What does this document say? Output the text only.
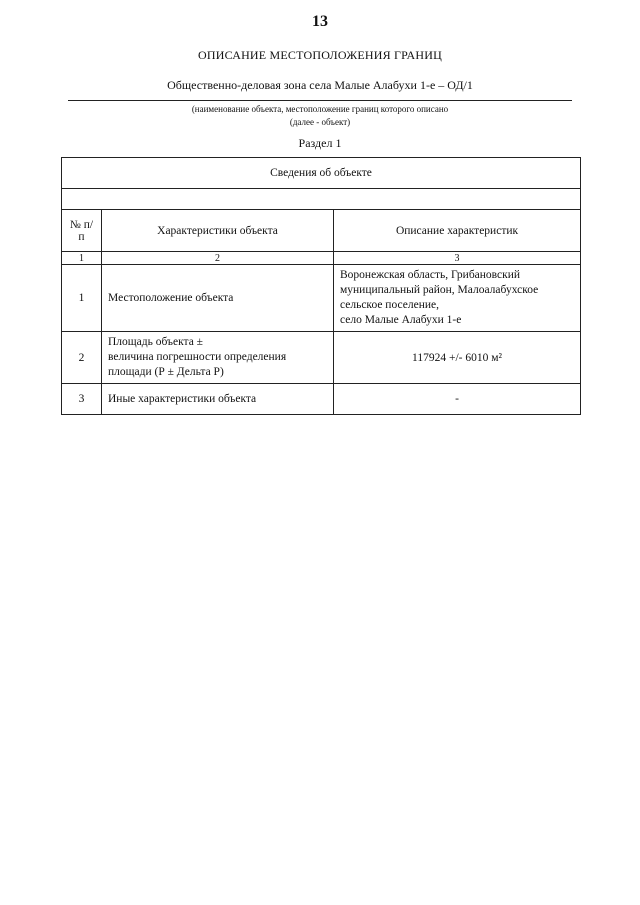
13
ОПИСАНИЕ МЕСТОПОЛОЖЕНИЯ ГРАНИЦ
Общественно-деловая зона села Малые Алабухи 1-е – ОД/1
(наименование объекта, местоположение границ которого описано
(далее - объект)
Раздел 1
Сведения об объекте		

№ п/п	Характеристики объекта	Описание характеристик
1	2	3
1	Местоположение объекта	Воронежская область, Грибановский
муниципальный район, Малоалабухское
сельское поселение,
село Малые Алабухи 1-е

2	Площадь объекта ±
величина погрешности определения
площади (Р ± Дельта Р)	117924 +/- 6010 м²
3	Иные характеристики объекта	-
